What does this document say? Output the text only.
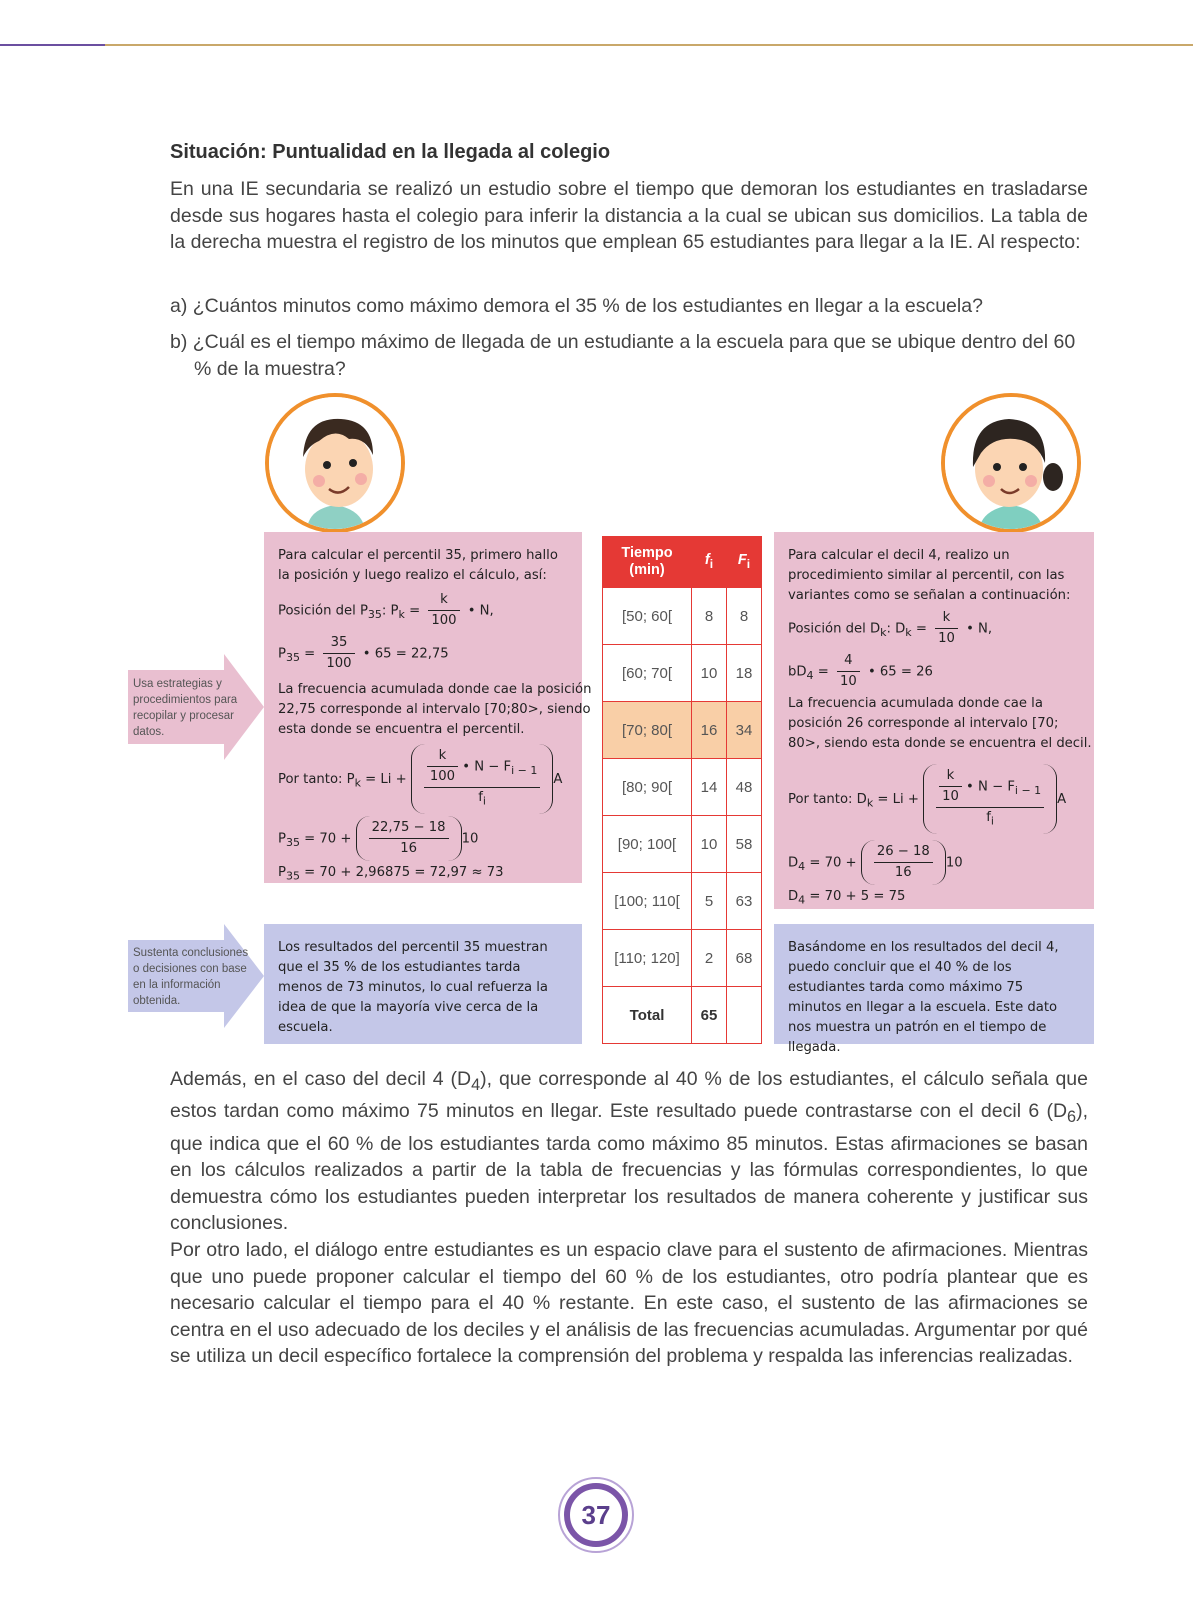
Situación: Puntualidad en la llegada al colegio
En una IE secundaria se realizó un estudio sobre el tiempo que demoran los estudiantes en trasladarse desde sus hogares hasta el colegio para inferir la distancia a la cual se ubican sus domicilios. La tabla de la derecha muestra el registro de los minutos que emplean 65 estudiantes para llegar a la IE. Al respecto:
a) ¿Cuántos minutos como máximo demora el 35 % de los estudiantes en llegar a la escuela?
b) ¿Cuál es el tiempo máximo de llegada de un estudiante a la escuela para que se ubique dentro del 60 % de la muestra?
Usa estrategias y procedimientos para recopilar y procesar datos.
Sustenta conclusiones o decisiones con base en la información obtenida.
Para calcular el percentil 35, primero hallo
la posición y luego realizo el cálculo, así:
Posición del $P_{35}$: $P_k = \frac{k}{100}$ • N,
$P_{35} = \frac{35}{100}$ • 65 = 22,75
La frecuencia acumulada donde cae la posición
22,75 corresponde al intervalo [70;80>, siendo
esta donde se encuentra el percentil.
Por tanto: $P_k = Li + \frac{\frac{k}{100} • N - F_{i - 1}}{f_i}$ A
$P_{35} = 70 + \frac{22,75 - 18}{16} 10$
$P_{35} = 70 + 2,96875 = 72,97 \approx 73$
Los resultados del percentil 35 muestran que el 35 % de los estudiantes tarda menos de 73 minutos, lo cual refuerza la idea de que la mayoría vive cerca de la escuela.
Tiempo (min)	$f_i$	$F_i$
[50; 60[	8	8
[60; 70[	10	18
[70; 80[	16	34
[80; 90[	14	48
[90; 100[	10	58
[100; 110[	5	63
[110; 120]	2	68
Total	65	
Para calcular el decil 4, realizo un
procedimiento similar al percentil, con las
variantes como se señalan a continuación:
Posición del $D_k$: $D_k = \frac{k}{10}$ • N,
$bD_4 = \frac{4}{10}$ • 65 = 26
La frecuencia acumulada donde cae la
posición 26 corresponde al intervalo [70;
80>, siendo esta donde se encuentra el decil.
Por tanto: $D_k = Li + \frac{\frac{k}{10} • N - F_{i - 1}}{f_i}$ A
$D_4 = 70 + \frac{26 - 18}{16} 10$
$D_4 = 70 + 5 = 75$
Basándome en los resultados del decil 4, puedo concluir que el 40 % de los estudiantes tarda como máximo 75 minutos en llegar a la escuela. Este dato nos muestra un patrón en el tiempo de llegada.
Además, en el caso del decil 4 $(D_4)$, que corresponde al 40 % de los estudiantes, el cálculo señala que estos tardan como máximo 75 minutos en llegar. Este resultado puede contrastarse con el decil 6 $(D_6)$, que indica que el 60 % de los estudiantes tarda como máximo 85 minutos. Estas afirmaciones se basan en los cálculos realizados a partir de la tabla de frecuencias y las fórmulas correspondientes, lo que demuestra cómo los estudiantes pueden interpretar los resultados de manera coherente y justificar sus conclusiones.
Por otro lado, el diálogo entre estudiantes es un espacio clave para el sustento de afirmaciones. Mientras que uno puede proponer calcular el tiempo del 60 % de los estudiantes, otro podría plantear que es necesario calcular el tiempo para el 40 % restante. En este caso, el sustento de las afirmaciones se centra en el uso adecuado de los deciles y el análisis de las frecuencias acumuladas. Argumentar por qué se utiliza un decil específico fortalece la comprensión del problema y respalda las inferencias realizadas.
37
